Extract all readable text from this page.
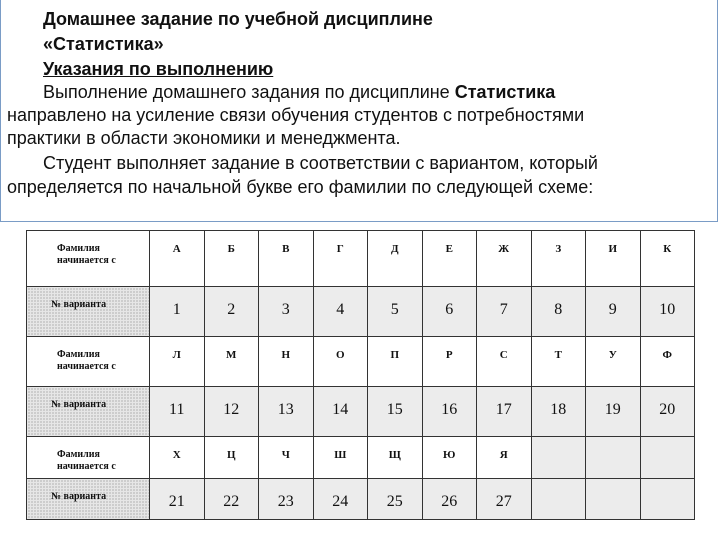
Домашнее задание по учебной дисциплине
«Статистика»
Указания по выполнению
Выполнение домашнего задания по дисциплине Статистика
направлено на усиление связи обучения студентов с потребностями
практики в области экономики и менеджмента.
Студент выполняет задание в соответствии с вариантом, который
определяется по начальной букве его фамилии по следующей схеме:
Фамилия начинается с	А	Б	В	Г	Д	Е	Ж	З	И	К
№ варианта	1	2	3	4	5	6	7	8	9	10
Фамилия начинается с	Л	М	Н	О	П	Р	С	Т	У	Ф
№ варианта	11	12	13	14	15	16	17	18	19	20
Фамилия начинается с	Х	Ц	Ч	Ш	Щ	Ю	Я			
№ варианта	21	22	23	24	25	26	27			
